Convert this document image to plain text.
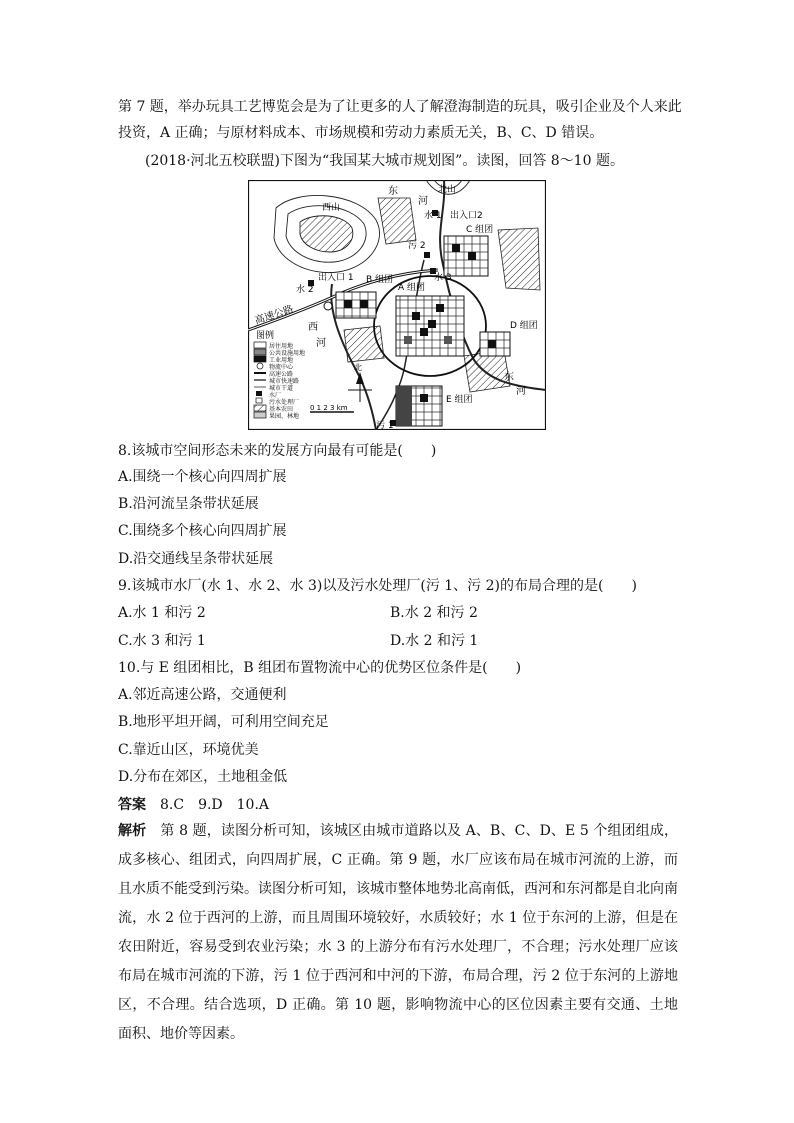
第 7 题，举办玩具工艺博览会是为了让更多的人了解澄海制造的玩具，吸引企业及个人来此
投资，A 正确；与原材料成本、市场规模和劳动力素质无关，B、C、D 错误。
(2018·河北五校联盟)下图为“我国某大城市规划图”。读图，回答 8～10 题。
西山
A 组团
B 组团
C 组团
D 组团
E 组团
东	北山
河
水 1 出入口2
污 2
出入口 1	水 3
水 2
高速公路
西
河
东
河
污 1
北
0 1 2 3 km
图例
居住用地
公共设施用地
工业用地
物流中心
高速公路
城市快速路
城市干道
水厂
污水处理厂
基本农田
果园、林地
8.该城市空间形态未来的发展方向最有可能是(　　)
A.围绕一个核心向四周扩展
B.沿河流呈条带状延展
C.围绕多个核心向四周扩展
D.沿交通线呈条带状延展
9.该城市水厂(水 1、水 2、水 3)以及污水处理厂(污 1、污 2)的布局合理的是(　　)
A.水 1 和污 2	B.水 2 和污 2
C.水 3 和污 1	D.水 2 和污 1
10.与 E 组团相比，B 组团布置物流中心的优势区位条件是(　　)
A.邻近高速公路，交通便利
B.地形平坦开阔，可利用空间充足
C.靠近山区，环境优美
D.分布在郊区，土地租金低
答案　 8.C　9.D　10.A
解析　 第 8 题，读图分析可知，该城区由城市道路以及 A、B、C、D、E 5 个组团组成，成多核心、组团式，向四周扩展，C 正确。第 9 题，水厂应该布局在城市河流的上游，而且水质不能受到污染。读图分析可知，该城市整体地势北高南低，西河和东河都是自北向南流，水 2 位于西河的上游，而且周围环境较好，水质较好；水 1 位于东河的上游，但是在农田附近，容易受到农业污染；水 3 的上游分布有污水处理厂，不合理；污水处理厂应该布局在城市河流的下游，污 1 位于西河和中河的下游，布局合理，污 2 位于东河的上游地区，不合理。结合选项，D 正确。第 10 题，影响物流中心的区位因素主要有交通、土地面积、地价等因素。
